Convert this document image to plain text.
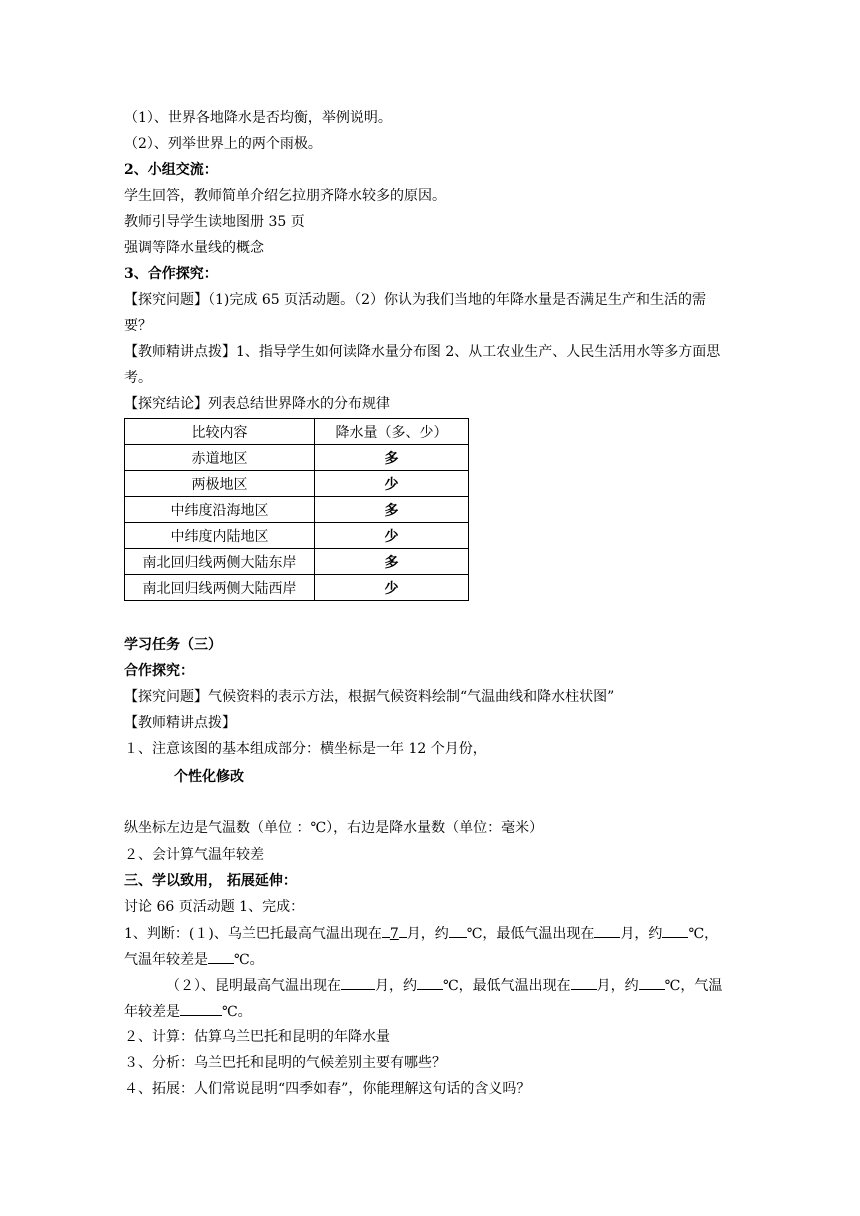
（1）、世界各地降水是否均衡，举例说明。
（2）、列举世界上的两个雨极。
2、小组交流：
学生回答，教师简单介绍乞拉朋齐降水较多的原因。
教师引导学生读地图册 35 页
强调等降水量线的概念
3、合作探究：
【探究问题】（1)完成 65 页活动题。（2）你认为我们当地的年降水量是否满足生产和生活的需要？
【教师精讲点拨】1、指导学生如何读降水量分布图 2、从工农业生产、人民生活用水等多方面思考。
【探究结论】列表总结世界降水的分布规律
比较内容	降水量（多、少）
赤道地区	多
两极地区	少
中纬度沿海地区	多
中纬度内陆地区	少
南北回归线两侧大陆东岸	多
南北回归线两侧大陆西岸	少
学习任务（三）
合作探究：
【探究问题】气候资料的表示方法，根据气候资料绘制“气温曲线和降水柱状图”
【教师精讲点拨】
１、注意该图的基本组成部分：横坐标是一年 12 个月份，
个性化修改
纵坐标左边是气温数（单位 ：℃），右边是降水量数（单位：毫米）
２、会计算气温年较差
三、学以致用， 拓展延伸：
讨论 66 页活动题 1、完成：
1、判断：(１)、乌兰巴托最高气温出现在 7 月，约 ℃，最低气温出现在 月，约 ℃，
气温年较差是 ℃。
（２）、昆明最高气温出现在 月，约 ℃，最低气温出现在 月，约 ℃，气温
年较差是	℃。
２、计算：估算乌兰巴托和昆明的年降水量
３、分析：乌兰巴托和昆明的气候差别主要有哪些？
４、拓展：人们常说昆明“四季如春”，你能理解这句话的含义吗？
